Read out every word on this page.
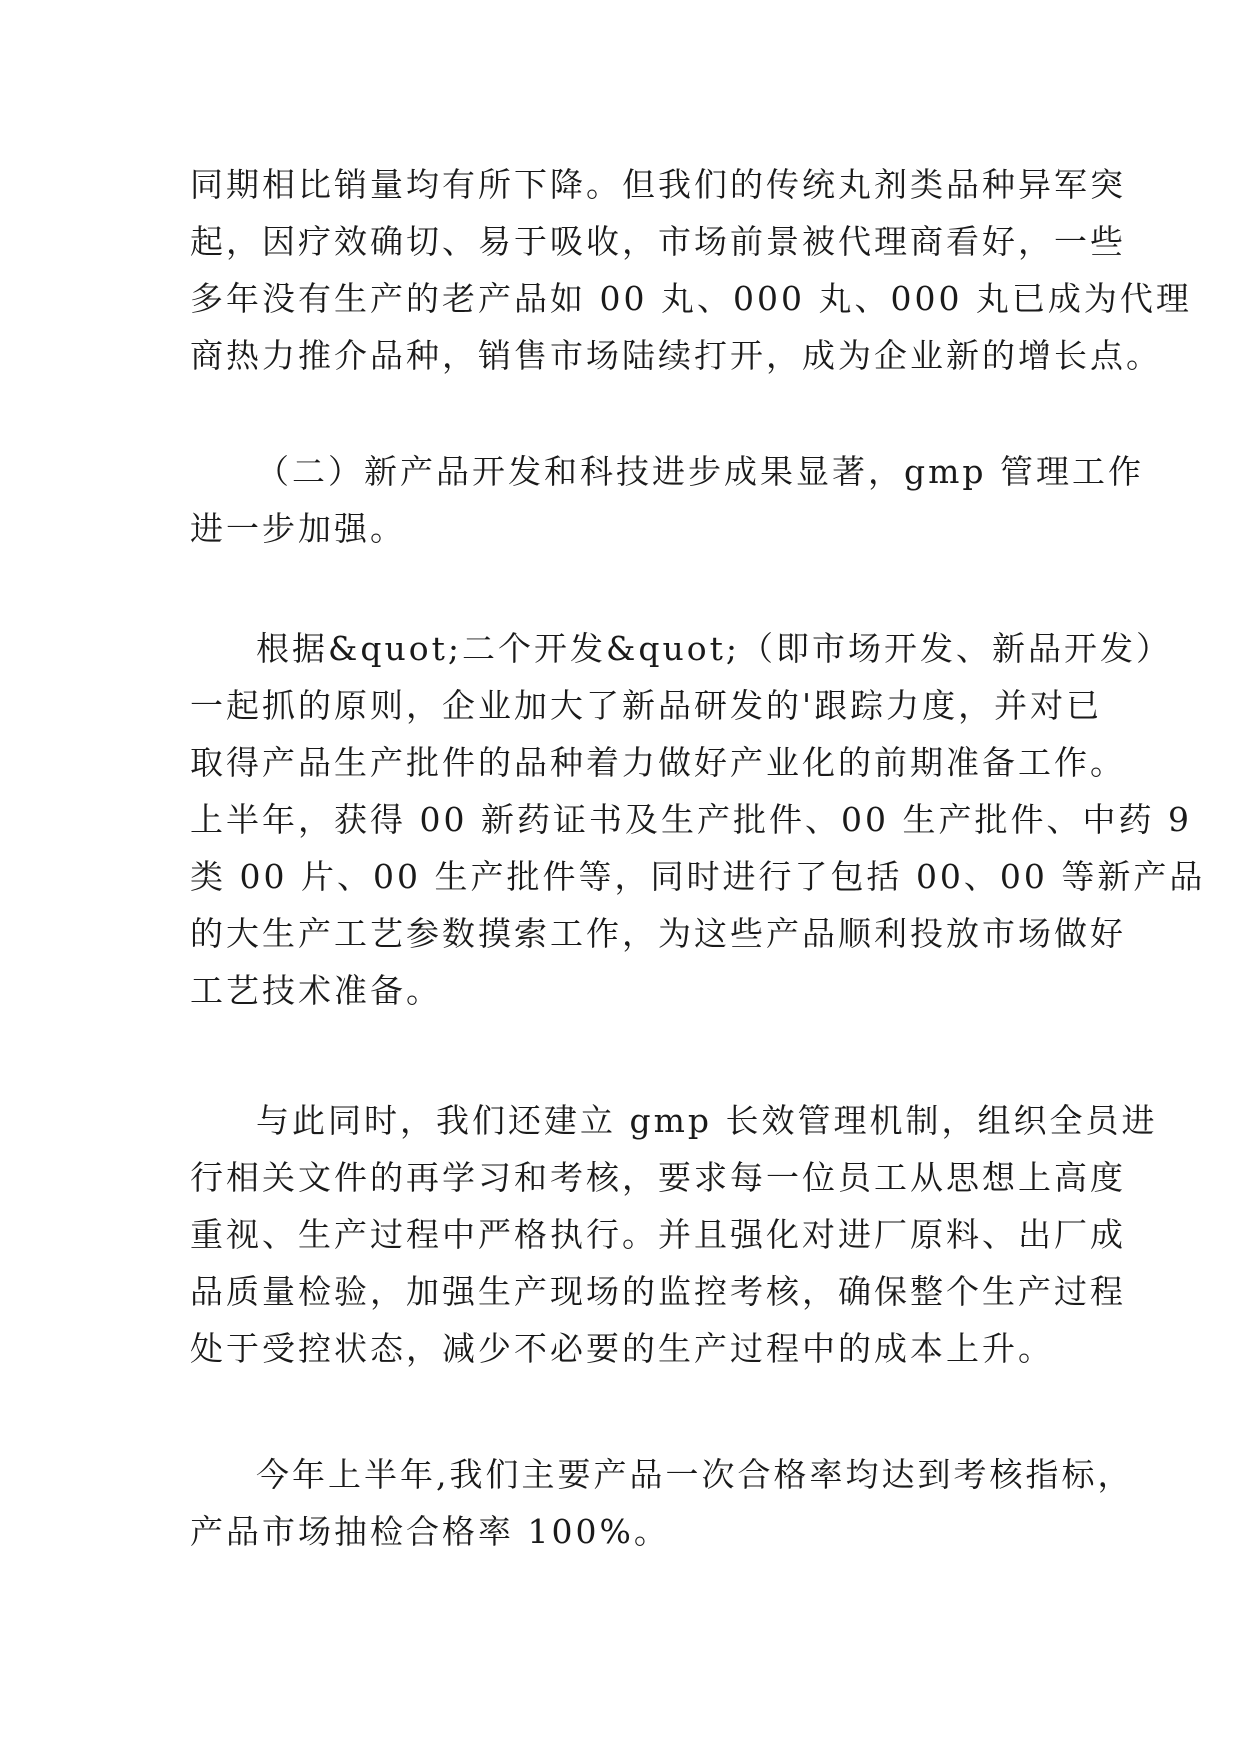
同期相比销量均有所下降。但我们的传统丸剂类品种异军突
起，因疗效确切、易于吸收，市场前景被代理商看好，一些
多年没有生产的老产品如 00 丸、000 丸、000 丸已成为代理
商热力推介品种，销售市场陆续打开，成为企业新的增长点。

（二）新产品开发和科技进步成果显著，gmp 管理工作
进一步加强。

根据&quot;二个开发&quot;（即市场开发、新品开发）
一起抓的原则，企业加大了新品研发的'跟踪力度，并对已
取得产品生产批件的品种着力做好产业化的前期准备工作。
上半年，获得 00 新药证书及生产批件、00 生产批件、中药 9
类 00 片、00 生产批件等，同时进行了包括 00、00 等新产品
的大生产工艺参数摸索工作，为这些产品顺利投放市场做好
工艺技术准备。

与此同时，我们还建立 gmp 长效管理机制，组织全员进
行相关文件的再学习和考核，要求每一位员工从思想上高度
重视、生产过程中严格执行。并且强化对进厂原料、出厂成
品质量检验，加强生产现场的监控考核，确保整个生产过程
处于受控状态，减少不必要的生产过程中的成本上升。

今年上半年,我们主要产品一次合格率均达到考核指标，
产品市场抽检合格率 100%。
